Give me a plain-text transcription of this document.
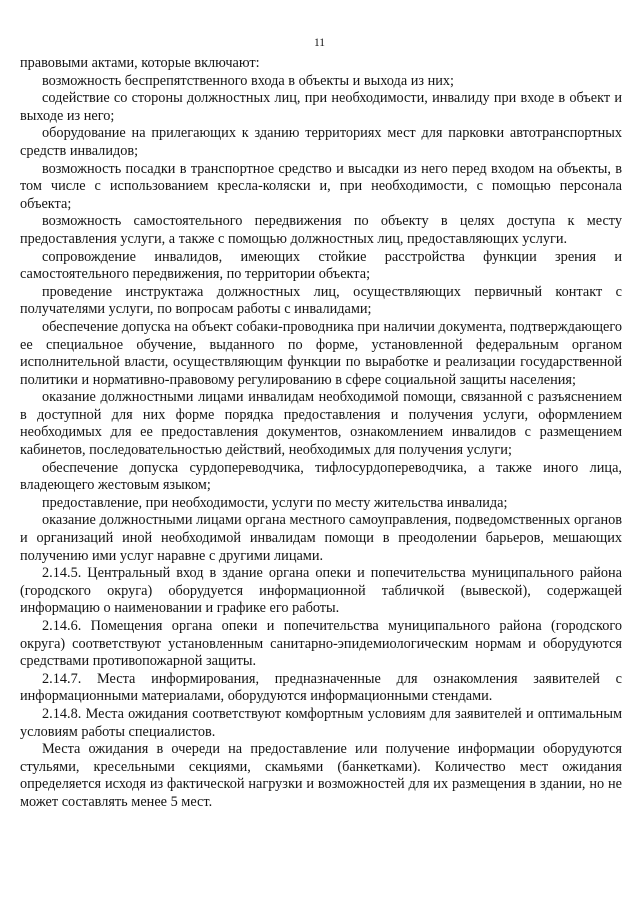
11

правовыми актами, которые включают:

возможность беспрепятственного входа в объекты и выхода из них;

содействие со стороны должностных лиц, при необходимости, инвалиду при входе в объект и выходе из него;

оборудование на прилегающих к зданию территориях мест для парковки автотранспортных средств инвалидов;

возможность посадки в транспортное средство и высадки из него перед входом на объекты, в том числе с использованием кресла-коляски и, при необходимости, с помощью персонала объекта;

возможность самостоятельного передвижения по объекту в целях доступа к месту предоставления услуги, а также с помощью должностных лиц, предоставляющих услуги.

сопровождение инвалидов, имеющих стойкие расстройства функции зрения и самостоятельного передвижения, по территории объекта;

проведение инструктажа должностных лиц, осуществляющих первичный контакт с получателями услуги, по вопросам работы с инвалидами;

обеспечение допуска на объект собаки-проводника при наличии документа, подтверждающего ее специальное обучение, выданного по форме, установленной федеральным органом исполнительной власти, осуществляющим функции по выработке и реализации государственной политики и нормативно-правовому регулированию в сфере социальной защиты населения;

оказание должностными лицами инвалидам необходимой помощи, связанной с разъяснением в доступной для них форме порядка предоставления и получения услуги, оформлением необходимых для ее предоставления документов, ознакомлением инвалидов с размещением кабинетов, последовательностью действий, необходимых для получения услуги;

обеспечение допуска сурдопереводчика, тифлосурдопереводчика, а также иного лица, владеющего жестовым языком;

предоставление, при необходимости, услуги по месту жительства инвалида;

оказание должностными лицами органа местного самоуправления, подведомственных органов и организаций иной необходимой инвалидам помощи в преодолении барьеров, мешающих получению ими услуг наравне с другими лицами.

2.14.5. Центральный вход в здание органа опеки и попечительства муниципального района (городского округа) оборудуется информационной табличкой (вывеской), содержащей информацию о наименовании и графике его работы.

2.14.6. Помещения органа опеки и попечительства муниципального района (городского округа) соответствуют установленным санитарно-эпидемиологическим нормам и оборудуются средствами противопожарной защиты.

2.14.7. Места информирования, предназначенные для ознакомления заявителей с информационными материалами, оборудуются информационными стендами.

2.14.8. Места ожидания соответствуют комфортным условиям для заявителей и оптимальным условиям работы специалистов.

Места ожидания в очереди на предоставление или получение информации оборудуются стульями, кресельными секциями, скамьями (банкетками). Количество мест ожидания определяется исходя из фактической нагрузки и возможностей для их размещения в здании, но не может составлять менее 5 мест.
